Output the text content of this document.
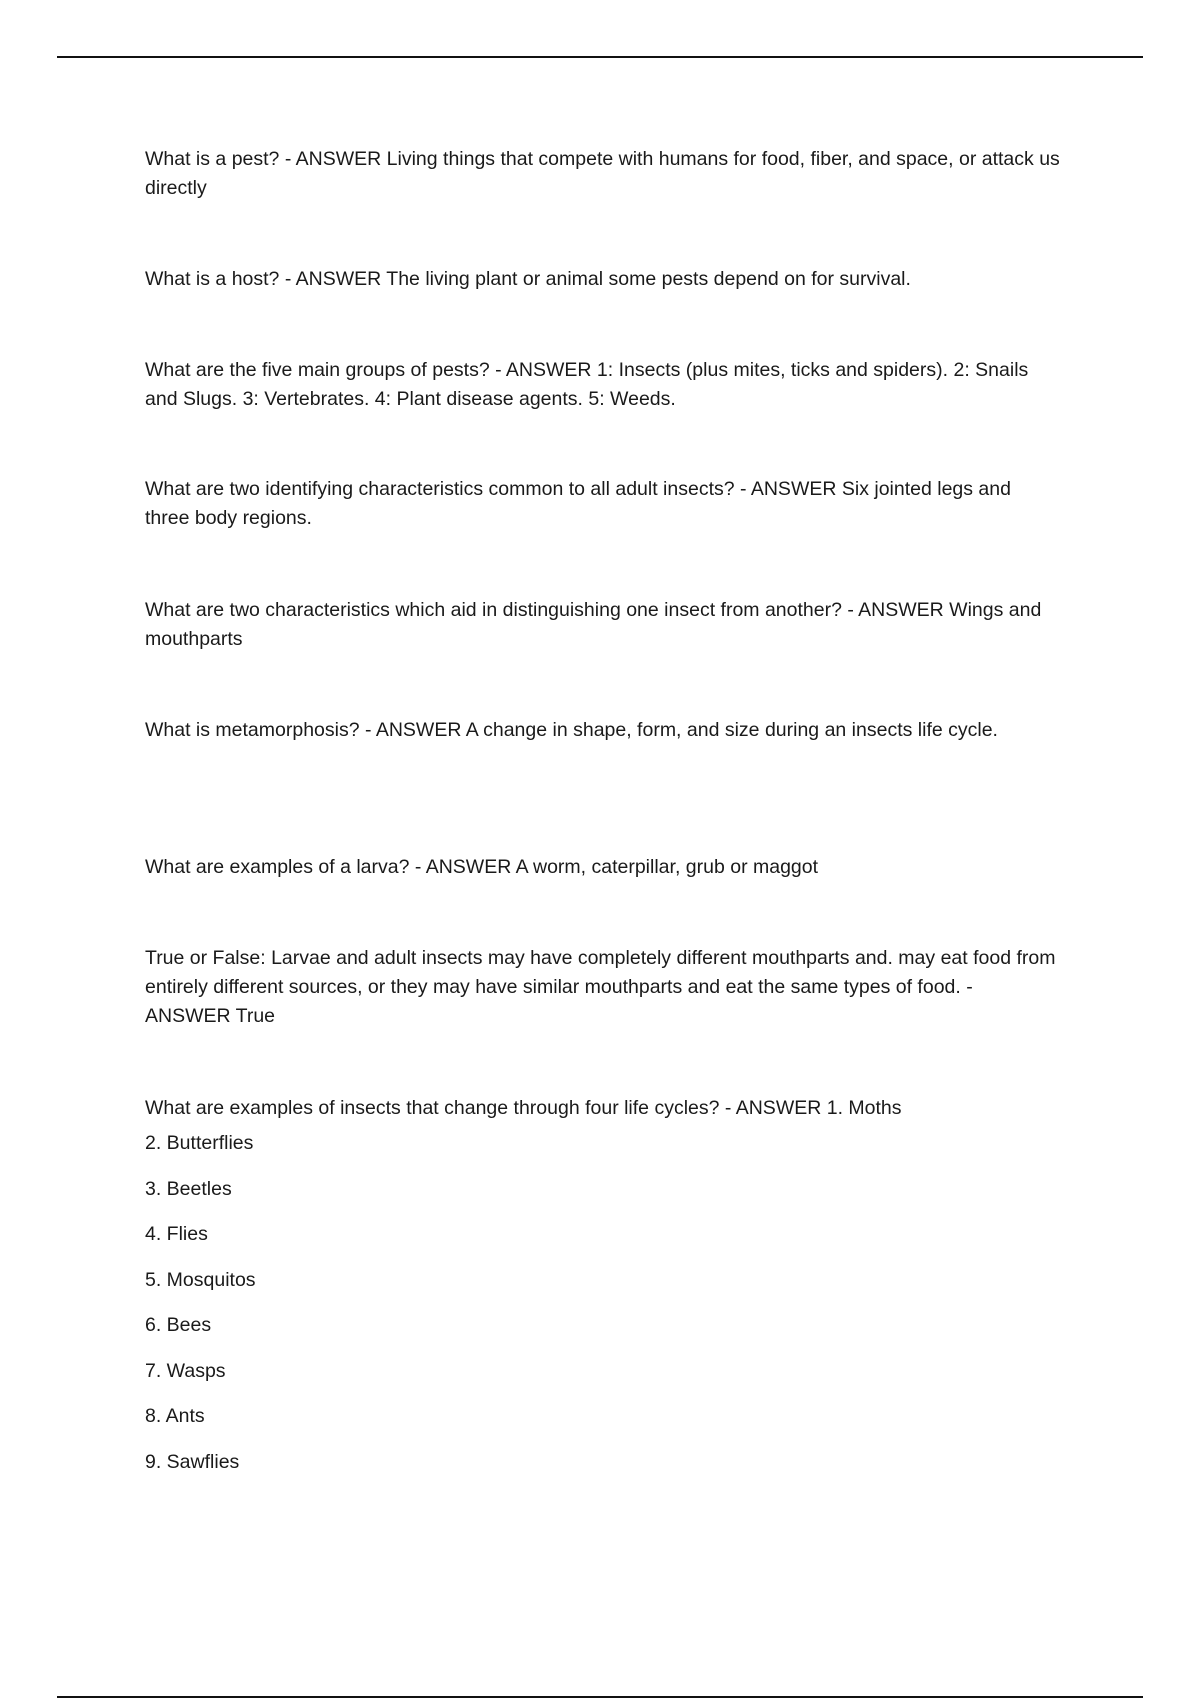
What is a pest? - ANSWER Living things that compete with humans for food, fiber, and space, or attack us directly

What is a host? - ANSWER The living plant or animal some pests depend on for survival.

What are the five main groups of pests? - ANSWER 1: Insects (plus mites, ticks and spiders). 2: Snails and Slugs. 3: Vertebrates. 4: Plant disease agents. 5: Weeds.

What are two identifying characteristics common to all adult insects? - ANSWER Six jointed legs and three body regions.

What are two characteristics which aid in distinguishing one insect from another? - ANSWER Wings and mouthparts

What is metamorphosis? - ANSWER A change in shape, form, and size during an insects life cycle.

What are examples of a larva? - ANSWER A worm, caterpillar, grub or maggot

True or False: Larvae and adult insects may have completely different mouthparts and. may eat food from entirely different sources, or they may have similar mouthparts and eat the same types of food. - ANSWER True

What are examples of insects that change through four life cycles? - ANSWER 1. Moths

2. Butterflies
3. Beetles
4. Flies
5. Mosquitos
6. Bees
7. Wasps
8. Ants
9. Sawflies
